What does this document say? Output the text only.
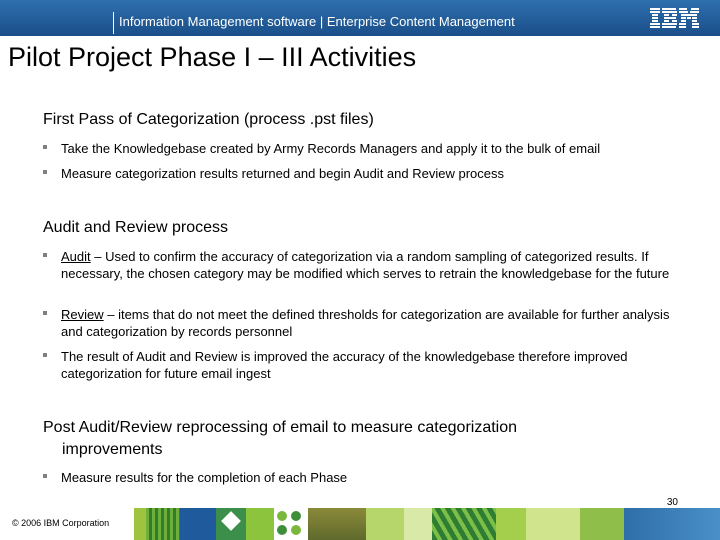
Information Management software | Enterprise Content Management
Pilot Project Phase I – III Activities
First Pass of Categorization (process .pst files)
Take the Knowledgebase created by Army Records Managers and apply it to the bulk of email
Measure categorization results returned and begin Audit and Review process
Audit and Review process
Audit – Used to confirm the accuracy of categorization via a random sampling of categorized results. If necessary, the chosen category may be modified which serves to retrain the knowledgebase for the future
Review – items that do not meet the defined thresholds for categorization are available for further analysis and categorization by records personnel
The result of Audit and Review is improved the accuracy of the knowledgebase therefore improved categorization for future email ingest
Post Audit/Review reprocessing of email to measure categorization
improvements
Measure results for the completion of each Phase
30
© 2006 IBM Corporation
